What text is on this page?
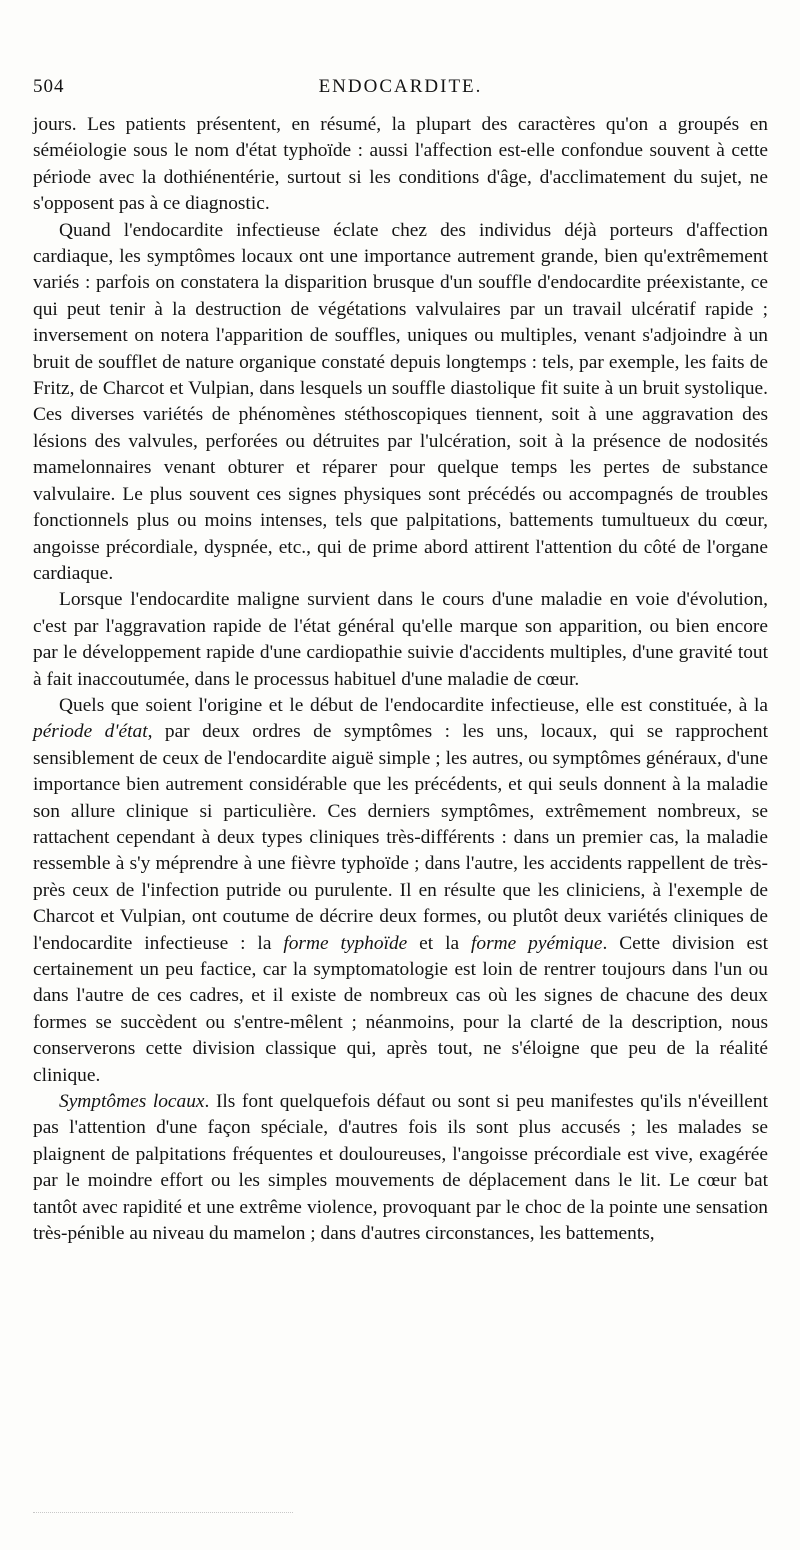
504	ENDOCARDITE.

jours. Les patients présentent, en résumé, la plupart des caractères qu'on a groupés en séméiologie sous le nom d'état typhoïde : aussi l'affection est-elle confondue souvent à cette période avec la dothiénentérie, surtout si les conditions d'âge, d'acclimatement du sujet, ne s'opposent pas à ce diagnostic.

Quand l'endocardite infectieuse éclate chez des individus déjà porteurs d'affection cardiaque, les symptômes locaux ont une importance autrement grande, bien qu'extrêmement variés : parfois on constatera la disparition brusque d'un souffle d'endocardite préexistante, ce qui peut tenir à la destruction de végétations valvulaires par un travail ulcératif rapide ; inversement on notera l'apparition de souffles, uniques ou multiples, venant s'adjoindre à un bruit de soufflet de nature organique constaté depuis longtemps : tels, par exemple, les faits de Fritz, de Charcot et Vulpian, dans lesquels un souffle diastolique fit suite à un bruit systolique. Ces diverses variétés de phénomènes stéthoscopiques tiennent, soit à une aggravation des lésions des valvules, perforées ou détruites par l'ulcération, soit à la présence de nodosités mamelonnaires venant obturer et réparer pour quelque temps les pertes de substance valvulaire. Le plus souvent ces signes physiques sont précédés ou accompagnés de troubles fonctionnels plus ou moins intenses, tels que palpitations, battements tumultueux du cœur, angoisse précordiale, dyspnée, etc., qui de prime abord attirent l'attention du côté de l'organe cardiaque.

Lorsque l'endocardite maligne survient dans le cours d'une maladie en voie d'évolution, c'est par l'aggravation rapide de l'état général qu'elle marque son apparition, ou bien encore par le développement rapide d'une cardiopathie suivie d'accidents multiples, d'une gravité tout à fait inaccoutumée, dans le processus habituel d'une maladie de cœur.

Quels que soient l'origine et le début de l'endocardite infectieuse, elle est constituée, à la période d'état, par deux ordres de symptômes : les uns, locaux, qui se rapprochent sensiblement de ceux de l'endocardite aiguë simple ; les autres, ou symptômes généraux, d'une importance bien autrement considérable que les précédents, et qui seuls donnent à la maladie son allure clinique si particulière. Ces derniers symptômes, extrêmement nombreux, se rattachent cependant à deux types cliniques très-différents : dans un premier cas, la maladie ressemble à s'y méprendre à une fièvre typhoïde ; dans l'autre, les accidents rappellent de très-près ceux de l'infection putride ou purulente. Il en résulte que les cliniciens, à l'exemple de Charcot et Vulpian, ont coutume de décrire deux formes, ou plutôt deux variétés cliniques de l'endocardite infectieuse : la forme typhoïde et la forme pyémique. Cette division est certainement un peu factice, car la symptomatologie est loin de rentrer toujours dans l'un ou dans l'autre de ces cadres, et il existe de nombreux cas où les signes de chacune des deux formes se succèdent ou s'entre-mêlent ; néanmoins, pour la clarté de la description, nous conserverons cette division classique qui, après tout, ne s'éloigne que peu de la réalité clinique.

Symptômes locaux. Ils font quelquefois défaut ou sont si peu manifestes qu'ils n'éveillent pas l'attention d'une façon spéciale, d'autres fois ils sont plus accusés ; les malades se plaignent de palpitations fréquentes et douloureuses, l'angoisse précordiale est vive, exagérée par le moindre effort ou les simples mouvements de déplacement dans le lit. Le cœur bat tantôt avec rapidité et une extrême violence, provoquant par le choc de la pointe une sensation très-pénible au niveau du mamelon ; dans d'autres circonstances, les battements,
